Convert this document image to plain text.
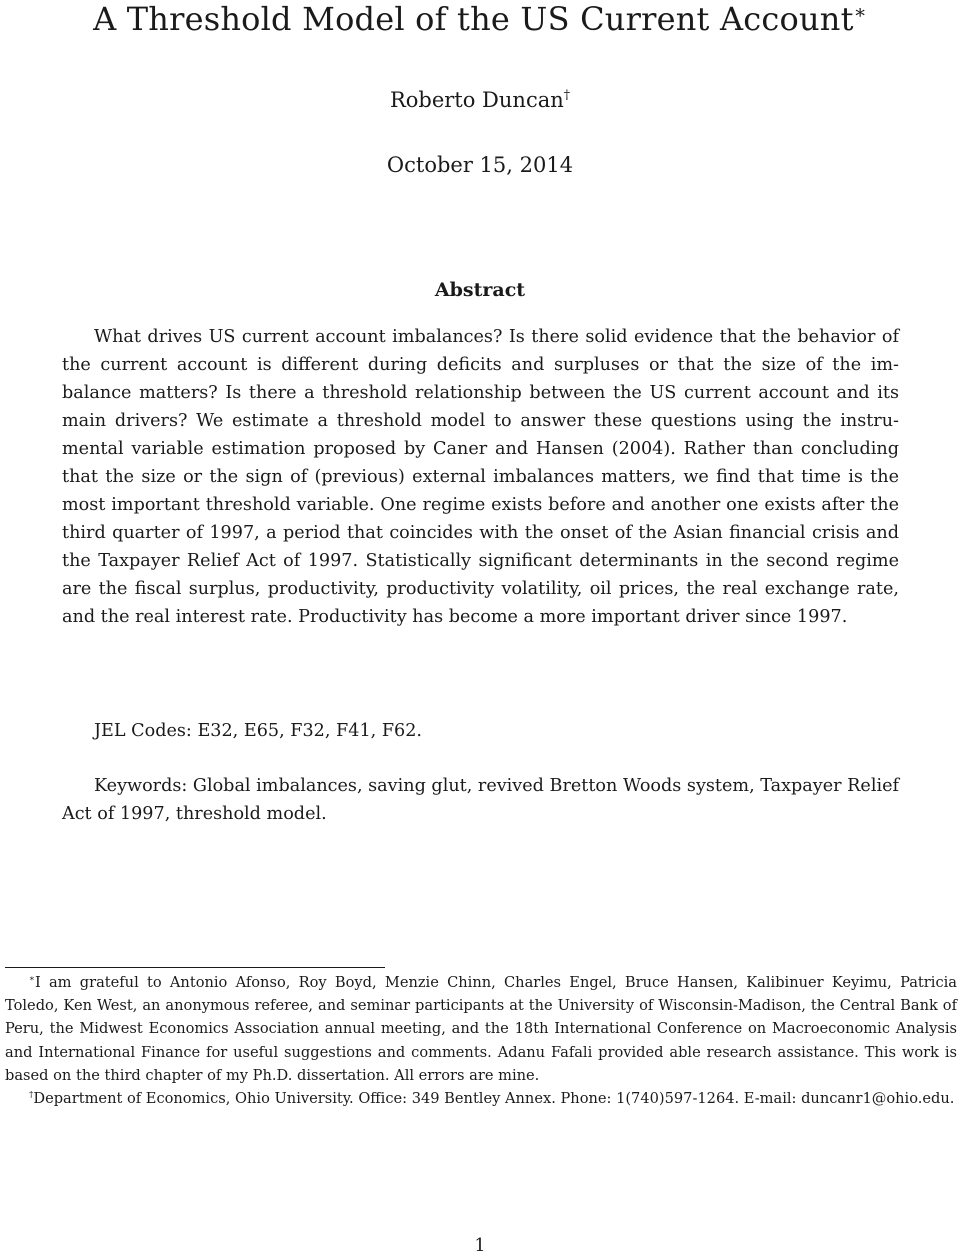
A Threshold Model of the US Current Account∗
Roberto Duncan†
October 15, 2014
Abstract

What drives US current account imbalances? Is there solid evidence that the behavior of the current account is different during deficits and surpluses or that the size of the imbalance matters? Is there a threshold relationship between the US current account and its main drivers? We estimate a threshold model to answer these questions using the instrumental variable estimation proposed by Caner and Hansen (2004). Rather than concluding that the size or the sign of (previous) external imbalances matters, we find that time is the most important threshold variable. One regime exists before and another one exists after the third quarter of 1997, a period that coincides with the onset of the Asian financial crisis and the Taxpayer Relief Act of 1997. Statistically significant determinants in the second regime are the fiscal surplus, productivity, productivity volatility, oil prices, the real exchange rate, and the real interest rate. Productivity has become a more important driver since 1997.

JEL Codes: E32, E65, F32, F41, F62.

Keywords: Global imbalances, saving glut, revived Bretton Woods system, Taxpayer Relief Act of 1997, threshold model.

∗I am grateful to Antonio Afonso, Roy Boyd, Menzie Chinn, Charles Engel, Bruce Hansen, Kalibinuer Keyimu, Patricia Toledo, Ken West, an anonymous referee, and seminar participants at the University of Wisconsin-Madison, the Central Bank of Peru, the Midwest Economics Association annual meeting, and the 18th International Conference on Macroeconomic Analysis and International Finance for useful suggestions and comments. Adanu Fafali provided able research assistance. This work is based on the third chapter of my Ph.D. dissertation. All errors are mine.

†Department of Economics, Ohio University. Office: 349 Bentley Annex. Phone: 1(740)597-1264. E-mail: duncanr1@ohio.edu.

1
